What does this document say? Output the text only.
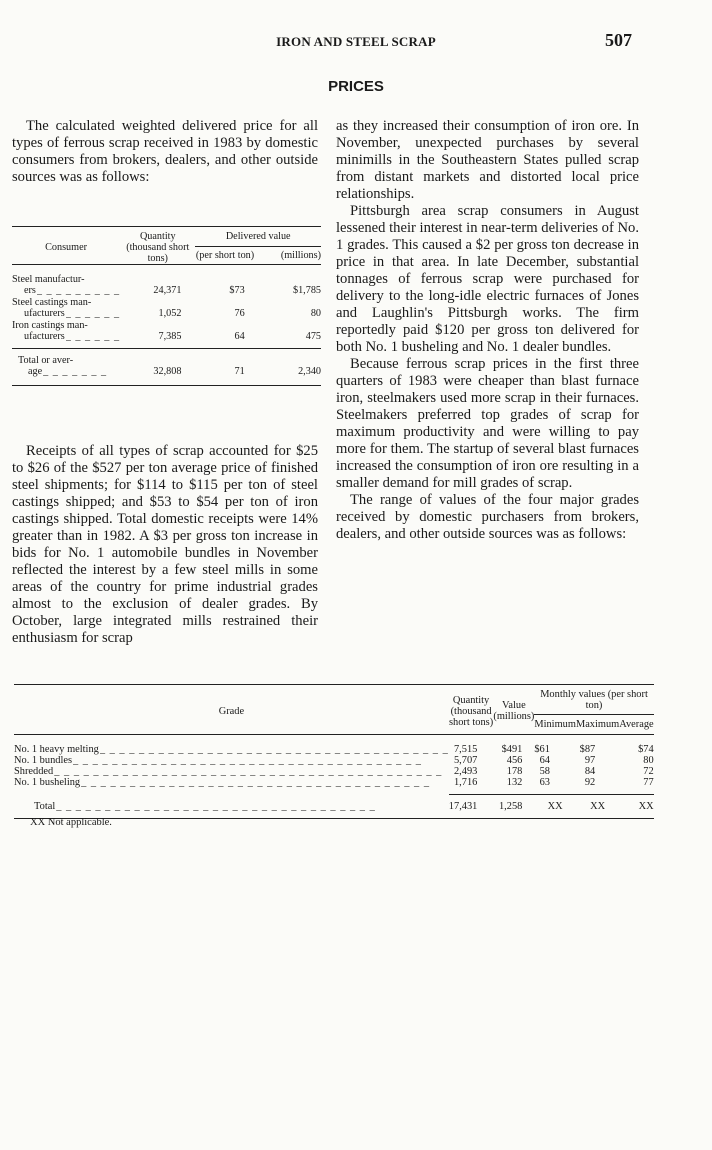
IRON AND STEEL SCRAP	507
PRICES

The calculated weighted delivered price for all types of ferrous scrap received in 1983 by domestic consumers from brokers, dealers, and other outside sources was as follows:

Consumer	Quantity (thousand short tons)	Delivered value	
		(per short ton)	(millions)

Steel manufactur-
ers _ _ _ _ _ _ _ _ _	24,371	$73	$1,785

Steel castings man-
ufacturers _ _ _ _ _ _	1,052	76	80

Iron castings man-
ufacturers _ _ _ _ _ _	7,385	64	475

Total or aver-
age _ _ _ _ _ _ _	32,808	71	2,340

Receipts of all types of scrap accounted for $25 to $26 of the $527 per ton average price of finished steel shipments; for $114 to $115 per ton of steel castings shipped; and $53 to $54 per ton of iron castings shipped. Total domestic receipts were 14% greater than in 1982. A $3 per gross ton increase in bids for No. 1 automobile bundles in November reflected the interest by a few steel mills in some areas of the country for prime industrial grades almost to the exclusion of dealer grades. By October, large integrated mills restrained their enthusiasm for scrap

as they increased their consumption of iron ore. In November, unexpected purchases by several minimills in the Southeastern States pulled scrap from distant markets and distorted local price relationships.

Pittsburgh area scrap consumers in August lessened their interest in near-term deliveries of No. 1 grades. This caused a $2 per gross ton decrease in price in that area. In late December, substantial tonnages of ferrous scrap were purchased for delivery to the long-idle electric furnaces of Jones and Laughlin's Pittsburgh works. The firm reportedly paid $120 per gross ton delivered for both No. 1 busheling and No. 1 dealer bundles.

Because ferrous scrap prices in the first three quarters of 1983 were cheaper than blast furnace iron, steelmakers used more scrap in their furnaces. Steelmakers preferred top grades of scrap for maximum productivity and were willing to pay more for them. The startup of several blast furnaces increased the consumption of iron ore resulting in a smaller demand for mill grades of scrap.

The range of values of the four major grades received by domestic purchasers from brokers, dealers, and other outside sources was as follows:

Grade	Quantity (thousand short tons)	Value (millions)	Monthly values (per short ton)		
			Minimum	Maximum	Average

No. 1 heavy melting _ _ _ _ _ _ _ _ _ _ _ _ _ _ _ _ _ _ _ _ _ _ _ _ _ _ _ _ _ _ _ _ _ _ _ _ 7,515	$491	$61	$87	$74

No. 1 bundles _ _ _ _ _ _ _ _ _ _ _ _ _ _ _ _ _ _ _ _ _ _ _ _ _ _ _ _ _ _ _ _ _ _ _ _	5,707	456	64	97	80

Shredded _ _ _ _ _ _ _ _ _ _ _ _ _ _ _ _ _ _ _ _ _ _ _ _ _ _ _ _ _ _ _ _ _ _ _ _ _ _ _ _	2,493	178	58	84	72

No. 1 busheling _ _ _ _ _ _ _ _ _ _ _ _ _ _ _ _ _ _ _ _ _ _ _ _ _ _ _ _ _ _ _ _ _ _ _ _	1,716	132	63	92	77

Total _ _ _ _ _ _ _ _ _ _ _ _ _ _ _ _ _ _ _ _ _ _ _ _ _ _ _ _ _ _ _ _ _	17,431	1,258	XX	XX	XX

XX Not applicable.
